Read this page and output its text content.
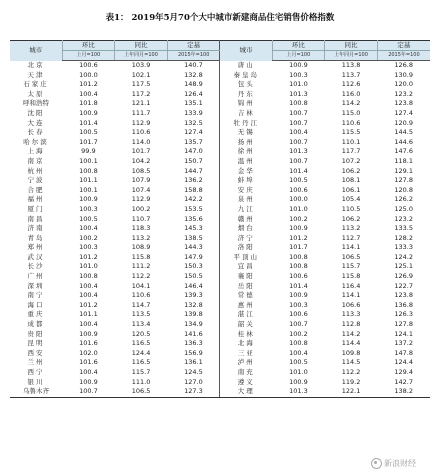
表1： 2019年5月70个大中城市新建商品住宅销售价格指数
城市	环比	同比	定基	城市	环比	同比	定基
	上月=100	上年同月=100	2015年=100		上月=100	上年同月=100	2015年=100
北京	100.6	103.9	140.7	唐山	100.9	113.8	126.8
天津	100.0	102.1	132.8	秦皇岛	100.3	113.7	130.9
石家庄	101.2	117.5	148.9	包头	101.0	112.6	120.0
太原	100.4	117.2	126.4	丹东	101.3	116.0	123.2
呼和浩特	101.8	121.1	135.1	锦州	100.8	114.2	123.8
沈阳	100.9	111.7	133.9	吉林	100.7	115.0	127.4
大连	101.4	112.9	132.5	牡丹江	100.7	110.6	120.9
长春	100.5	110.6	127.4	无锡	100.4	115.5	144.5
哈尔滨	101.7	114.0	135.7	扬州	100.7	110.1	144.6
上海	99.9	101.7	147.0	徐州	101.3	117.7	147.6
南京	100.1	104.2	150.7	温州	100.7	107.2	118.1
杭州	100.8	108.5	144.7	金华	101.4	106.2	129.1
宁波	101.1	107.9	136.2	蚌埠	100.5	108.1	127.8
合肥	100.1	107.4	158.8	安庆	100.6	106.1	120.8
福州	100.9	112.9	142.2	泉州	100.0	105.4	126.2
厦门	100.3	100.2	153.5	九江	101.0	110.5	125.0
南昌	100.5	110.7	135.6	赣州	100.2	106.2	123.2
济南	100.4	118.3	145.3	烟台	100.9	113.2	133.5
青岛	100.2	113.2	138.5	济宁	101.2	112.7	128.2
郑州	100.3	108.9	144.3	洛阳	101.7	114.1	133.3
武汉	101.2	115.8	147.9	平顶山	100.8	106.5	124.2
长沙	101.0	111.2	150.3	宜昌	100.8	115.7	125.1
广州	100.8	112.2	150.5	襄阳	100.6	115.8	126.9
深圳	100.4	104.1	146.4	岳阳	101.4	116.4	122.7
南宁	100.4	110.6	139.3	常德	100.9	114.1	123.8
海口	101.2	114.7	132.8	惠州	100.3	106.6	136.8
重庆	101.1	113.5	139.8	湛江	100.6	113.3	126.3
成都	100.4	113.4	134.9	韶关	100.7	112.8	127.8
贵阳	100.9	120.5	141.6	桂林	100.2	114.2	124.1
昆明	101.6	116.5	136.3	北海	100.8	114.4	137.2
西安	102.0	124.4	156.9	三亚	100.4	109.8	147.8
兰州	101.6	116.5	136.1	泸州	100.5	114.5	124.4
西宁	100.4	115.7	124.5	南充	101.0	112.2	129.4
银川	100.9	111.0	127.0	遵义	100.9	119.2	142.7
乌鲁木齐	100.7	106.5	127.3	大理	101.3	122.1	138.2
新浪财经
